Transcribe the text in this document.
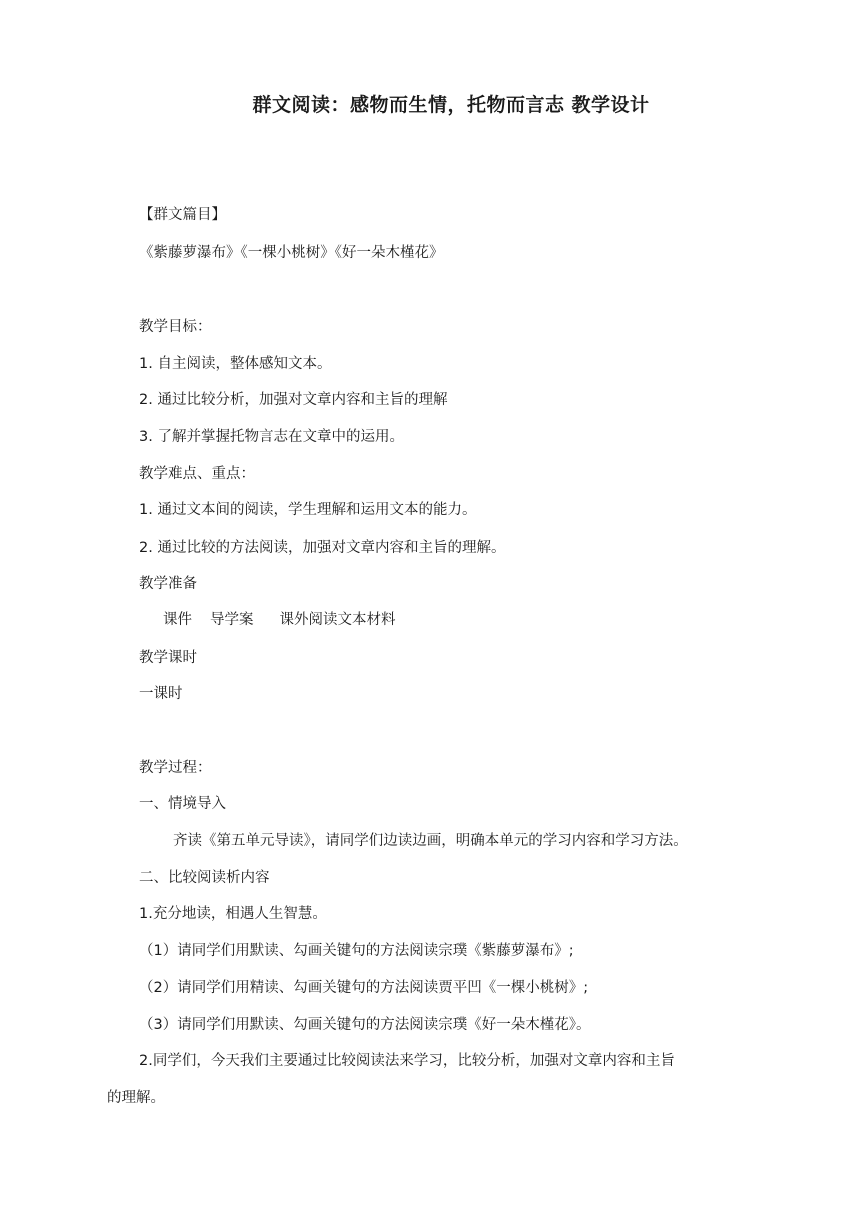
群文阅读：感物而生情，托物而言志 教学设计
【群文篇目】
《紫藤萝瀑布》《一棵小桃树》《好一朵木槿花》
教学目标：
1. 自主阅读，整体感知文本。
2. 通过比较分析，加强对文章内容和主旨的理解
3. 了解并掌握托物言志在文章中的运用。
教学难点、重点：
1. 通过文本间的阅读，学生理解和运用文本的能力。
2. 通过比较的方法阅读，加强对文章内容和主旨的理解。
教学准备
课件 导学案 课外阅读文本材料
教学课时
一课时
教学过程：
一、情境导入
齐读《第五单元导读》，请同学们边读边画，明确本单元的学习内容和学习方法。
二、比较阅读析内容
1.充分地读，相遇人生智慧。
（1）请同学们用默读、勾画关键句的方法阅读宗璞《紫藤萝瀑布》;
（2）请同学们用精读、勾画关键句的方法阅读贾平凹《一棵小桃树》;
（3）请同学们用默读、勾画关键句的方法阅读宗璞《好一朵木槿花》。
2.同学们，今天我们主要通过比较阅读法来学习，比较分析，加强对文章内容和主旨
的理解。
